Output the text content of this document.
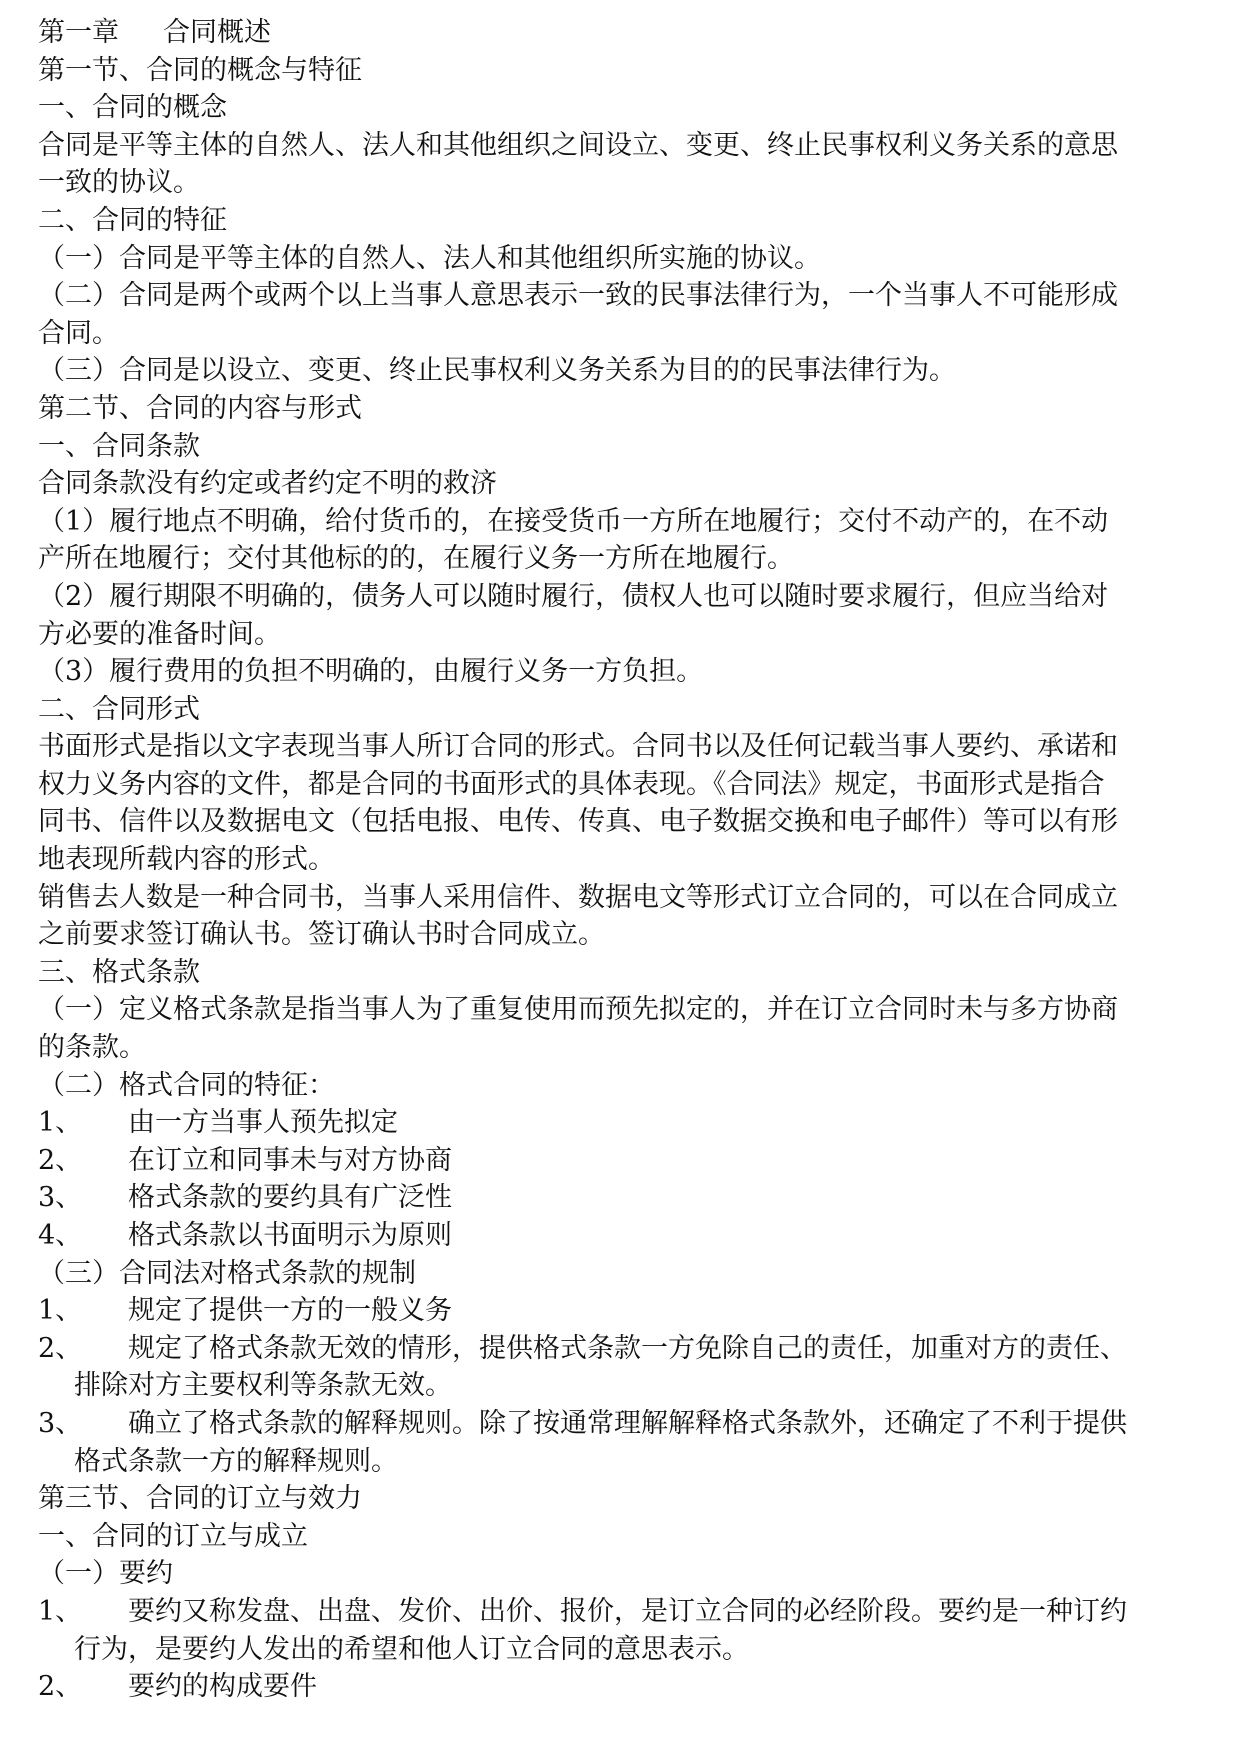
第一章 合同概述
第一节、合同的概念与特征
一、合同的概念
合同是平等主体的自然人、法人和其他组织之间设立、变更、终止民事权利义务关系的意思
一致的协议。
二、合同的特征
（一）合同是平等主体的自然人、法人和其他组织所实施的协议。
（二）合同是两个或两个以上当事人意思表示一致的民事法律行为，一个当事人不可能形成
合同。
（三）合同是以设立、变更、终止民事权利义务关系为目的的民事法律行为。
第二节、合同的内容与形式
一、合同条款
合同条款没有约定或者约定不明的救济
（1）履行地点不明确，给付货币的，在接受货币一方所在地履行；交付不动产的，在不动
产所在地履行；交付其他标的的，在履行义务一方所在地履行。
（2）履行期限不明确的，债务人可以随时履行，债权人也可以随时要求履行，但应当给对
方必要的准备时间。
（3）履行费用的负担不明确的，由履行义务一方负担。
二、合同形式
书面形式是指以文字表现当事人所订合同的形式。合同书以及任何记载当事人要约、承诺和
权力义务内容的文件，都是合同的书面形式的具体表现。《合同法》规定，书面形式是指合
同书、信件以及数据电文（包括电报、电传、传真、电子数据交换和电子邮件）等可以有形
地表现所载内容的形式。
销售去人数是一种合同书，当事人采用信件、数据电文等形式订立合同的，可以在合同成立
之前要求签订确认书。签订确认书时合同成立。
三、格式条款
（一）定义格式条款是指当事人为了重复使用而预先拟定的，并在订立合同时未与多方协商
的条款。
（二）格式合同的特征：
1、 由一方当事人预先拟定
2、 在订立和同事未与对方协商
3、 格式条款的要约具有广泛性
4、 格式条款以书面明示为原则
（三）合同法对格式条款的规制
1、 规定了提供一方的一般义务
2、 规定了格式条款无效的情形，提供格式条款一方免除自己的责任，加重对方的责任、
排除对方主要权利等条款无效。
3、 确立了格式条款的解释规则。除了按通常理解解释格式条款外，还确定了不利于提供
格式条款一方的解释规则。
第三节、合同的订立与效力
一、合同的订立与成立
（一）要约
1、 要约又称发盘、出盘、发价、出价、报价，是订立合同的必经阶段。要约是一种订约
行为，是要约人发出的希望和他人订立合同的意思表示。
2、 要约的构成要件
